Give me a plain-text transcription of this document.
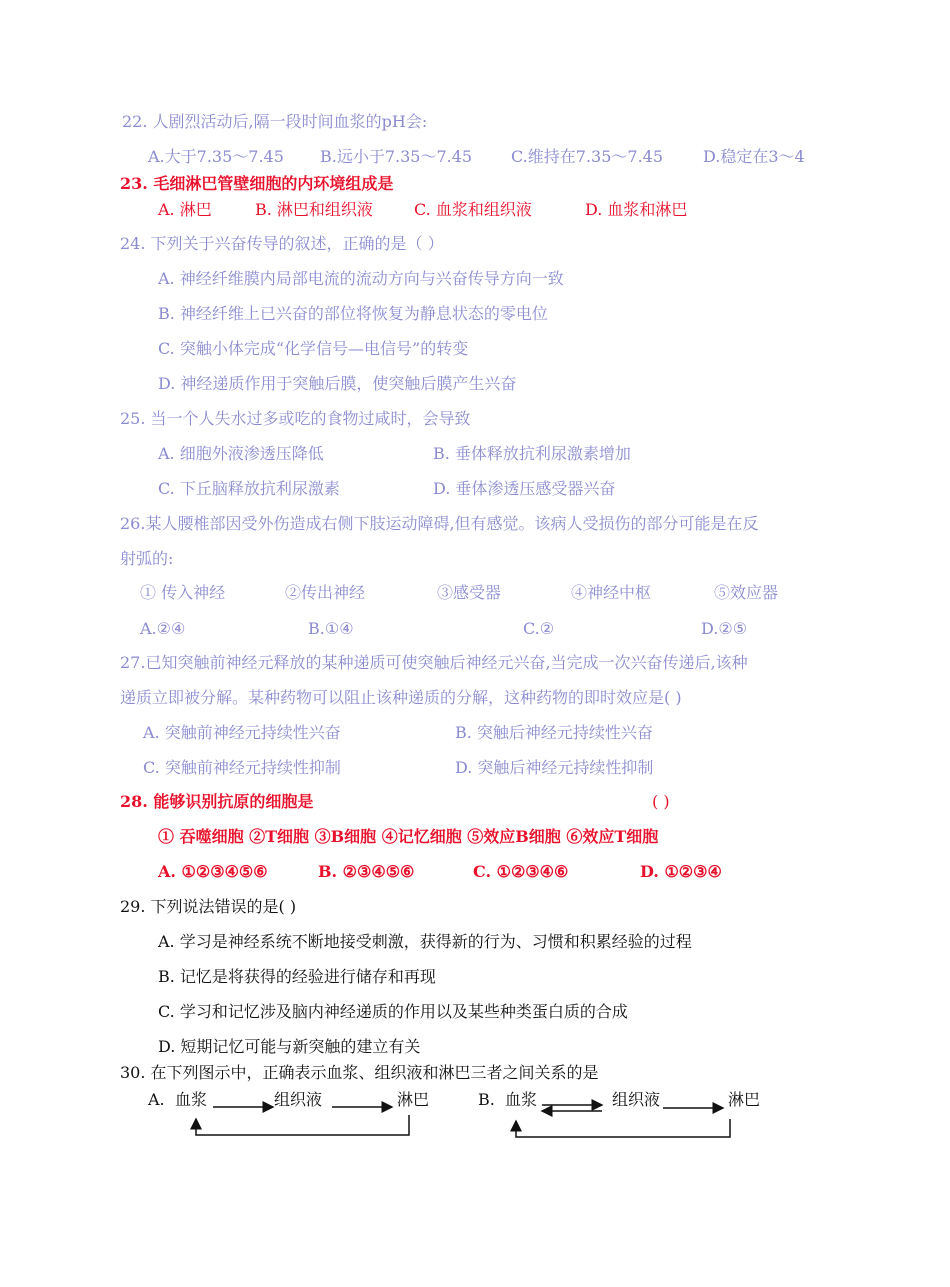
22. 人剧烈活动后,隔一段时间血浆的pH会:
A.大于7.35～7.45 B.远小于7.35～7.45 C.维持在7.35～7.45 D.稳定在3～4
23. 毛细淋巴管壁细胞的内环境组成是
A. 淋巴	B. 淋巴和组织液	C. 血浆和组织液	D. 血浆和淋巴
24. 下列关于兴奋传导的叙述，正确的是（ ）
A. 神经纤维膜内局部电流的流动方向与兴奋传导方向一致
B. 神经纤维上已兴奋的部位将恢复为静息状态的零电位
C. 突触小体完成“化学信号—电信号”的转变
D. 神经递质作用于突触后膜，使突触后膜产生兴奋
25. 当一个人失水过多或吃的食物过咸时，会导致
A. 细胞外液渗透压降低	B. 垂体释放抗利尿激素增加
C. 下丘脑释放抗利尿激素	D. 垂体渗透压感受器兴奋
26.某人腰椎部因受外伤造成右侧下肢运动障碍,但有感觉。该病人受损伤的部分可能是在反
射弧的:
① 传入神经	②传出神经	③感受器	④神经中枢	⑤效应器
A.②④	B.①④	C.②	D.②⑤
27.已知突触前神经元释放的某种递质可使突触后神经元兴奋,当完成一次兴奋传递后,该种
递质立即被分解。某种药物可以阻止该种递质的分解，这种药物的即时效应是( )
A. 突触前神经元持续性兴奋	B. 突触后神经元持续性兴奋
C. 突触前神经元持续性抑制	D. 突触后神经元持续性抑制
28. 能够识别抗原的细胞是	( )
① 吞噬细胞 ②T细胞 ③B细胞 ④记忆细胞 ⑤效应B细胞 ⑥效应T细胞
A. ①②③④⑤⑥	B. ②③④⑤⑥	C. ①②③④⑥	D. ①②③④
29. 下列说法错误的是( )
A. 学习是神经系统不断地接受刺激，获得新的行为、习惯和积累经验的过程
B. 记忆是将获得的经验进行储存和再现
C. 学习和记忆涉及脑内神经递质的作用以及某些种类蛋白质的合成
D. 短期记忆可能与新突触的建立有关
30. 在下列图示中，正确表示血浆、组织液和淋巴三者之间关系的是
A. 血浆	组织液	淋巴	B. 血浆	组织液	淋巴
